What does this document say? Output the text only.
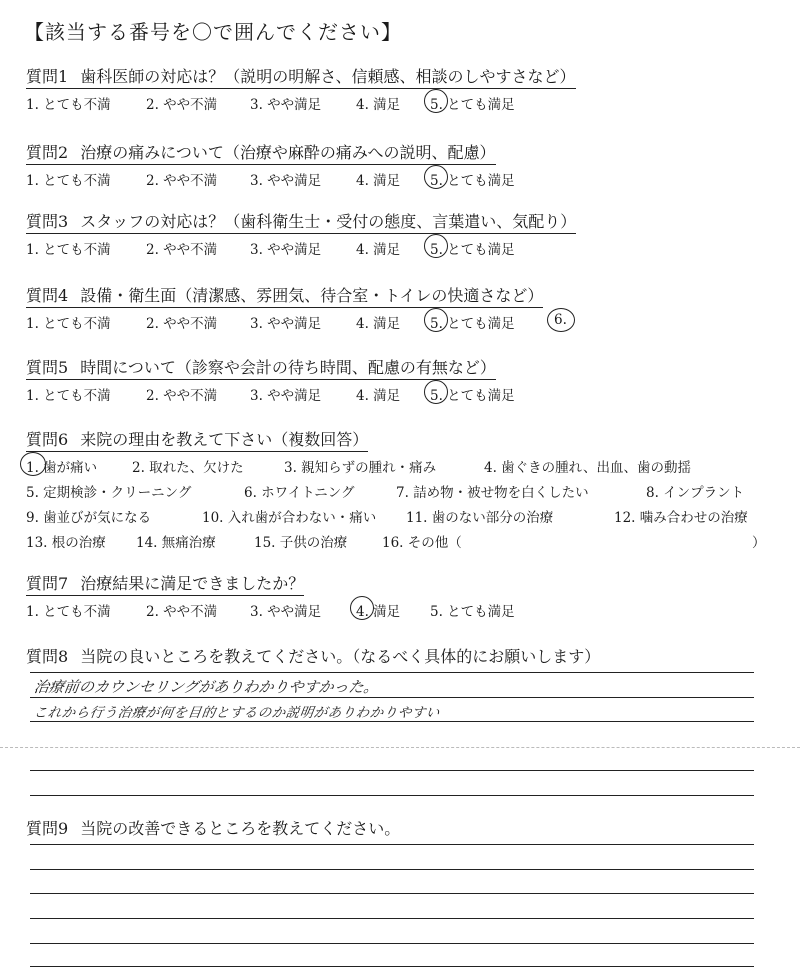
【該当する番号を〇で囲んでください】
質問1 歯科医師の対応は？（説明の明解さ、信頼感、相談のしやすさなど）
1. とても不満	2. やや不満 3. やや満足	4. 満足 5. とても満足
質問2 治療の痛みについて（治療や麻酔の痛みへの説明、配慮）
1. とても不満	2. やや不満 3. やや満足	4. 満足 5. とても満足
質問3 スタッフの対応は？（歯科衛生士・受付の態度、言葉遣い、気配り）
1. とても不満	2. やや不満 3. やや満足	4. 満足 5. とても満足
質問4 設備・衛生面（清潔感、雰囲気、待合室・トイレの快適さなど）
1. とても不満	2. やや不満 3. やや満足	4. 満足 5. とても満足	6.
質問5 時間について（診察や会計の待ち時間、配慮の有無など）
1. とても不満	2. やや不満 3. やや満足	4. 満足 5. とても満足
質問6 来院の理由を教えて下さい（複数回答）
1. 歯が痛い	2. 取れた、欠けた	3. 親知らずの腫れ・痛み	4. 歯ぐきの腫れ、出血、歯の動揺
5. 定期検診・クリーニング	6. ホワイトニング	7. 詰め物・被せ物を白くしたい	8. インプラント
9. 歯並びが気になる	10. 入れ歯が合わない・痛い 11. 歯のない部分の治療	12. 噛み合わせの治療
13. 根の治療 14. 無痛治療	15. 子供の治療	16. その他（	）
質問7 治療結果に満足できましたか？
1. とても不満	2. やや不満 3. やや満足	4. 満足 5. とても満足
質問8 当院の良いところを教えてください。（なるべく具体的にお願いします）
治療前のカウンセリングがありわかりやすかった。
これから行う治療が何を目的とするのか説明がありわかりやすい
質問9 当院の改善できるところを教えてください。
